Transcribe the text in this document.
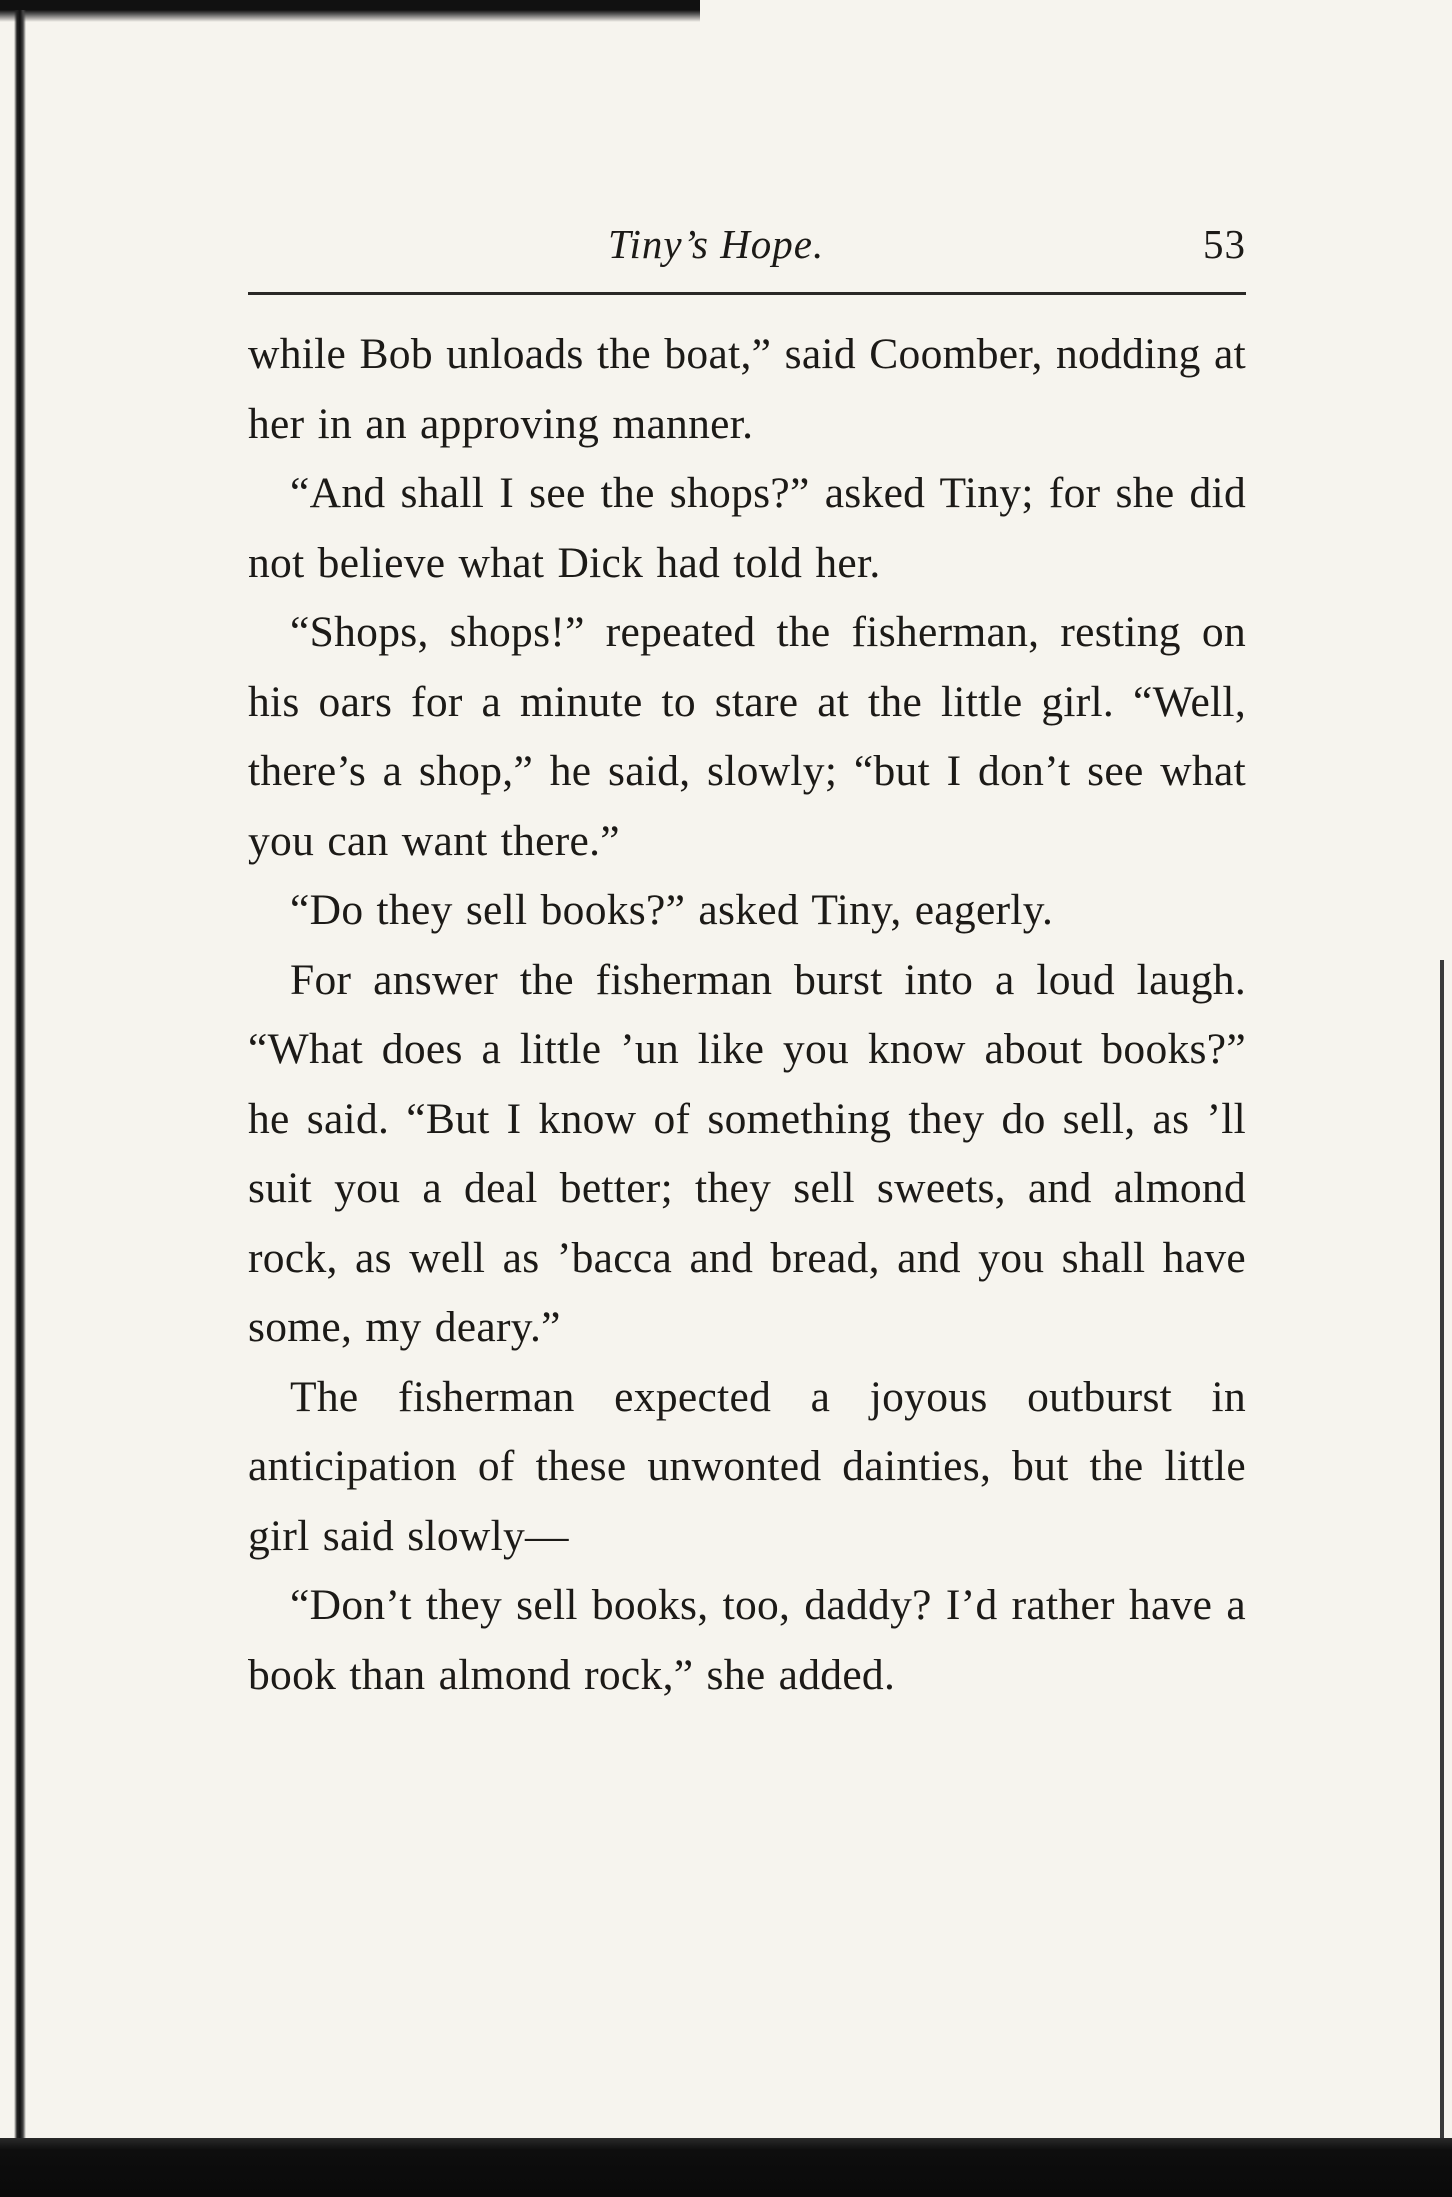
Tiny’s Hope.	53

while Bob unloads the boat,” said Coomber, nodding at her in an approving manner.

“And shall I see the shops?” asked Tiny; for she did not believe what Dick had told her.

“Shops, shops!” repeated the fisherman, resting on his oars for a minute to stare at the little girl. “Well, there’s a shop,” he said, slowly; “but I don’t see what you can want there.”

“Do they sell books?” asked Tiny, eagerly.

For answer the fisherman burst into a loud laugh. “What does a little ’un like you know about books?” he said. “But I know of something they do sell, as ’ll suit you a deal better; they sell sweets, and almond rock, as well as ’bacca and bread, and you shall have some, my deary.”

The fisherman expected a joyous outburst in anticipation of these unwonted dainties, but the little girl said slowly—

“Don’t they sell books, too, daddy? I’d rather have a book than almond rock,” she added.
